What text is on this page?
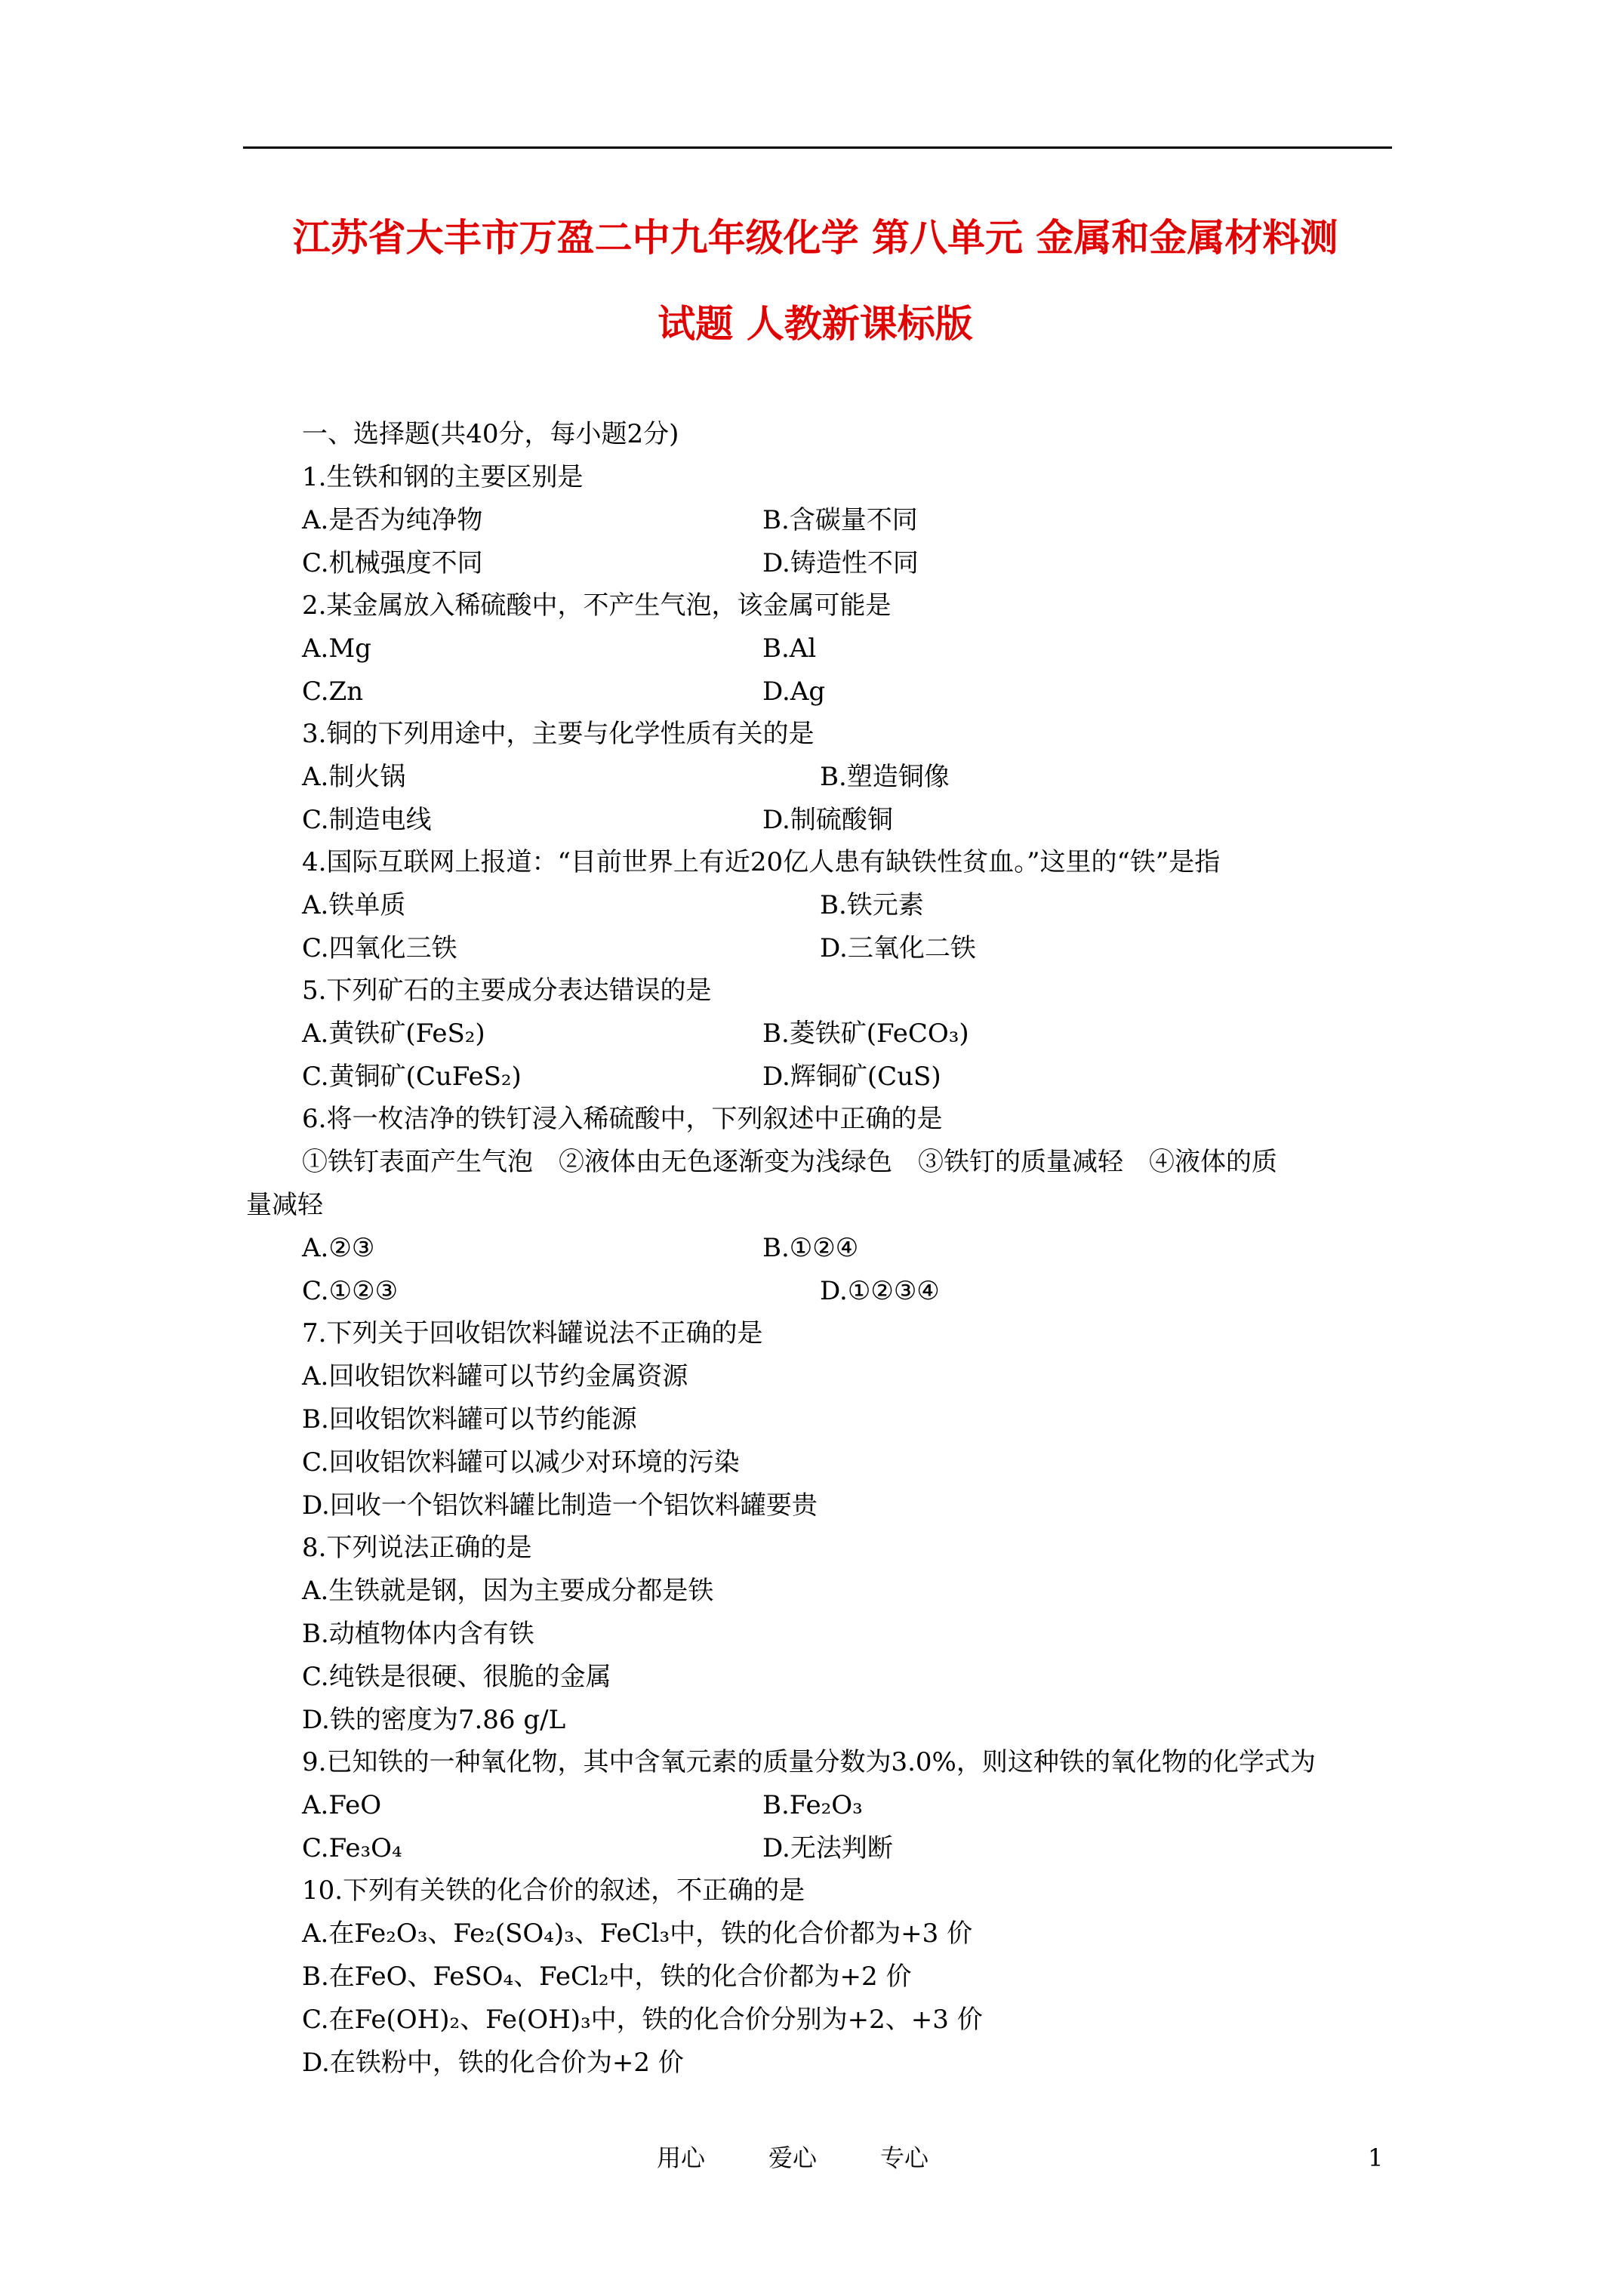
江苏省大丰市万盈二中九年级化学 第八单元 金属和金属材料测
试题 人教新课标版
一、选择题(共40分，每小题2分)
1.生铁和钢的主要区别是
A.是否为纯净物	B.含碳量不同
C.机械强度不同	D.铸造性不同
2.某金属放入稀硫酸中，不产生气泡，该金属可能是
A.Mg	B.Al
C.Zn	D.Ag
3.铜的下列用途中，主要与化学性质有关的是
A.制火锅	B.塑造铜像
C.制造电线	D.制硫酸铜
4.国际互联网上报道：“目前世界上有近20亿人患有缺铁性贫血。”这里的“铁”是指
A.铁单质	B.铁元素
C.四氧化三铁	D.三氧化二铁
5.下列矿石的主要成分表达错误的是
A.黄铁矿(FeS₂)	B.菱铁矿(FeCO₃)
C.黄铜矿(CuFeS₂)	D.辉铜矿(CuS)
6.将一枚洁净的铁钉浸入稀硫酸中，下列叙述中正确的是
①铁钉表面产生气泡　②液体由无色逐渐变为浅绿色　③铁钉的质量减轻　④液体的质
量减轻
A.②③	B.①②④
C.①②③	D.①②③④
7.下列关于回收铝饮料罐说法不正确的是
A.回收铝饮料罐可以节约金属资源
B.回收铝饮料罐可以节约能源
C.回收铝饮料罐可以减少对环境的污染
D.回收一个铝饮料罐比制造一个铝饮料罐要贵
8.下列说法正确的是
A.生铁就是钢，因为主要成分都是铁
B.动植物体内含有铁
C.纯铁是很硬、很脆的金属
D.铁的密度为7.86 g/L
9.已知铁的一种氧化物，其中含氧元素的质量分数为3.0%，则这种铁的氧化物的化学式为
A.FeO	B.Fe₂O₃
C.Fe₃O₄	D.无法判断
10.下列有关铁的化合价的叙述，不正确的是
A.在Fe₂O₃、Fe₂(SO₄)₃、FeCl₃中，铁的化合价都为+3 价
B.在FeO、FeSO₄、FeCl₂中，铁的化合价都为+2 价
C.在Fe(OH)₂、Fe(OH)₃中，铁的化合价分别为+2、+3 价
D.在铁粉中，铁的化合价为+2 价
用心	爱心	专心	1
